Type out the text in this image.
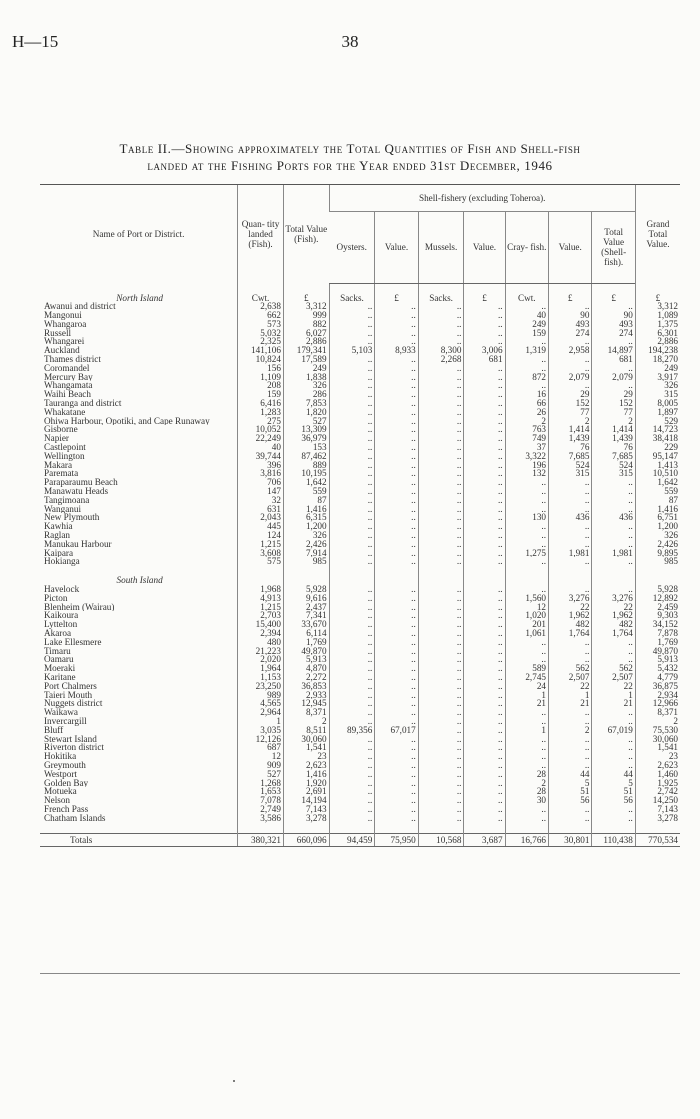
H—15	38
Table II.—Showing approximately the Total Quantities of Fish and Shell-fish
landed at the Fishing Ports for the Year ended 31st December, 1946
Name of Port or District.	Quan- tity landed (Fish).	Total Value (Fish).	Shell-fishery (excluding Toheroa).							Grand Total Value.
			Oysters.	Value.	Mussels.	Value.	Cray- fish.	Value.	Total Value (Shell- fish).	

North Island	Cwt.	£	Sacks.	£	Sacks.	£	Cwt.	£	£	£
Awanui and district	2,638	3,312	..	..	..	..	..	..	..	3,312
Mangonui	662	999	..	..	..	..	40	90	90	1,089
Whangaroa	573	882	..	..	..	..	249	493	493	1,375
Russell	5,032	6,027	..	..	..	..	159	274	274	6,301
Whangarei	2,325	2,886	..	..	..	..	..	..	..	2,886
Auckland	141,106	179,341	5,103	8,933	8,300	3,006	1,319	2,958	14,897	194,238
Thames district	10,824	17,589	..	..	2,268	681	..	..	681	18,270
Coromandel	156	249	..	..	..	..	..	..	..	249
Mercury Bay	1,109	1,838	..	..	..	..	872	2,079	2,079	3,917
Whangamata	208	326	..	..	..	..	..	..	..	326
Waihi Beach	159	286	..	..	..	..	16	29	29	315
Tauranga and district	6,416	7,853	..	..	..	..	66	152	152	8,005
Whakatane	1,283	1,820	..	..	..	..	26	77	77	1,897
Ohiwa Harbour, Opotiki, and Cape Runaway	275	527	..	..	..	..	2	2	2	529
Gisborne	10,052	13,309	..	..	..	..	763	1,414	1,414	14,723
Napier	22,249	36,979	..	..	..	..	749	1,439	1,439	38,418
Castlepoint	40	153	..	..	..	..	37	76	76	229
Wellington	39,744	87,462	..	..	..	..	3,322	7,685	7,685	95,147
Makara	396	889	..	..	..	..	196	524	524	1,413
Paremata	3,816	10,195	..	..	..	..	132	315	315	10,510
Paraparaumu Beach	706	1,642	..	..	..	..	..	..	..	1,642
Manawatu Heads	147	559	..	..	..	..	..	..	..	559
Tangimoana	32	87	..	..	..	..	..	..	..	87
Wanganui	631	1,416	..	..	..	..	..	..	..	1,416
New Plymouth	2,043	6,315	..	..	..	..	130	436	436	6,751
Kawhia	445	1,200	..	..	..	..	..	..	..	1,200
Raglan	124	326	..	..	..	..	..	..	..	326
Manukau Harbour	1,215	2,426	..	..	..	..	..	..	..	2,426
Kaipara	3,608	7,914	..	..	..	..	1,275	1,981	1,981	9,895
Hokianga	575	985	..	..	..	..	..	..	..	985

South Island										
Havelock	1,968	5,928	..	..	..	..	..	..	..	5,928
Picton	4,913	9,616	..	..	..	..	1,560	3,276	3,276	12,892
Blenheim (Wairau)	1,215	2,437	..	..	..	..	12	22	22	2,459
Kaikoura	2,703	7,341	..	..	..	..	1,020	1,962	1,962	9,303
Lyttelton	15,400	33,670	..	..	..	..	201	482	482	34,152
Akaroa	2,394	6,114	..	..	..	..	1,061	1,764	1,764	7,878
Lake Ellesmere	480	1,769	..	..	..	..	..	..	..	1,769
Timaru	21,223	49,870	..	..	..	..	..	..	..	49,870
Oamaru	2,020	5,913	..	..	..	..	..	..	..	5,913
Moeraki	1,964	4,870	..	..	..	..	589	562	562	5,432
Karitane	1,153	2,272	..	..	..	..	2,745	2,507	2,507	4,779
Port Chalmers	23,250	36,853	..	..	..	..	24	22	22	36,875
Taieri Mouth	989	2,933	..	..	..	..	1	1	1	2,934
Nuggets district	4,565	12,945	..	..	..	..	21	21	21	12,966
Waikawa	2,964	8,371	..	..	..	..	..	..	..	8,371
Invercargill	1	2	..	..	..	..	..	..	..	2
Bluff	3,035	8,511	89,356	67,017	..	..	1	2	67,019	75,530
Stewart Island	12,126	30,060	..	..	..	..	..	..	..	30,060
Riverton district	687	1,541	..	..	..	..	..	..	..	1,541
Hokitika	12	23	..	..	..	..	..	..	..	23
Greymouth	909	2,623	..	..	..	..	..	..	..	2,623
Westport	527	1,416	..	..	..	..	28	44	44	1,460
Golden Bay	1,268	1,920	..	..	..	..	2	5	5	1,925
Motueka	1,653	2,691	..	..	..	..	28	51	51	2,742
Nelson	7,078	14,194	..	..	..	..	30	56	56	14,250
French Pass	2,749	7,143	..	..	..	..	..	..	..	7,143
Chatham Islands	3,586	3,278	..	..	..	..	..	..	..	3,278

Totals	380,321	660,096	94,459	75,950	10,568	3,687	16,766	30,801	110,438	770,534
